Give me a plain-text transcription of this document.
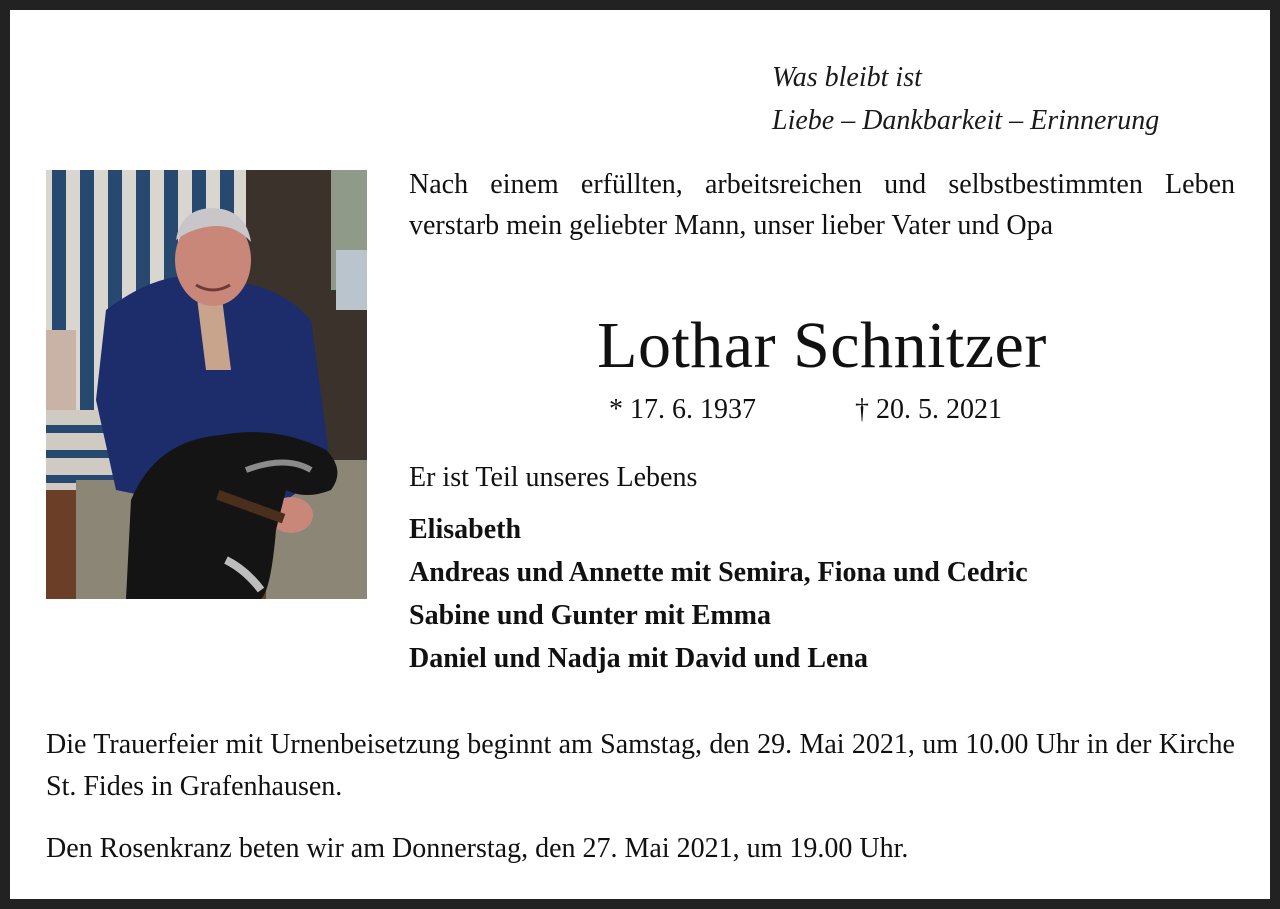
Was bleibt ist
Liebe – Dankbarkeit – Erinnerung
Nach einem erfüllten, arbeitsreichen und selbstbestimmten Leben verstarb mein geliebter Mann, unser lieber Vater und Opa
Lothar Schnitzer
* 17. 6. 1937	† 20. 5. 2021
Er ist Teil unseres Lebens
Elisabeth
Andreas und Annette mit Semira, Fiona und Cedric
Sabine und Gunter mit Emma
Daniel und Nadja mit David und Lena
Die Trauerfeier mit Urnenbeisetzung beginnt am Samstag, den 29. Mai 2021, um 10.00 Uhr in der Kirche St. Fides in Grafenhausen.
Den Rosenkranz beten wir am Donnerstag, den 27. Mai 2021, um 19.00 Uhr.
